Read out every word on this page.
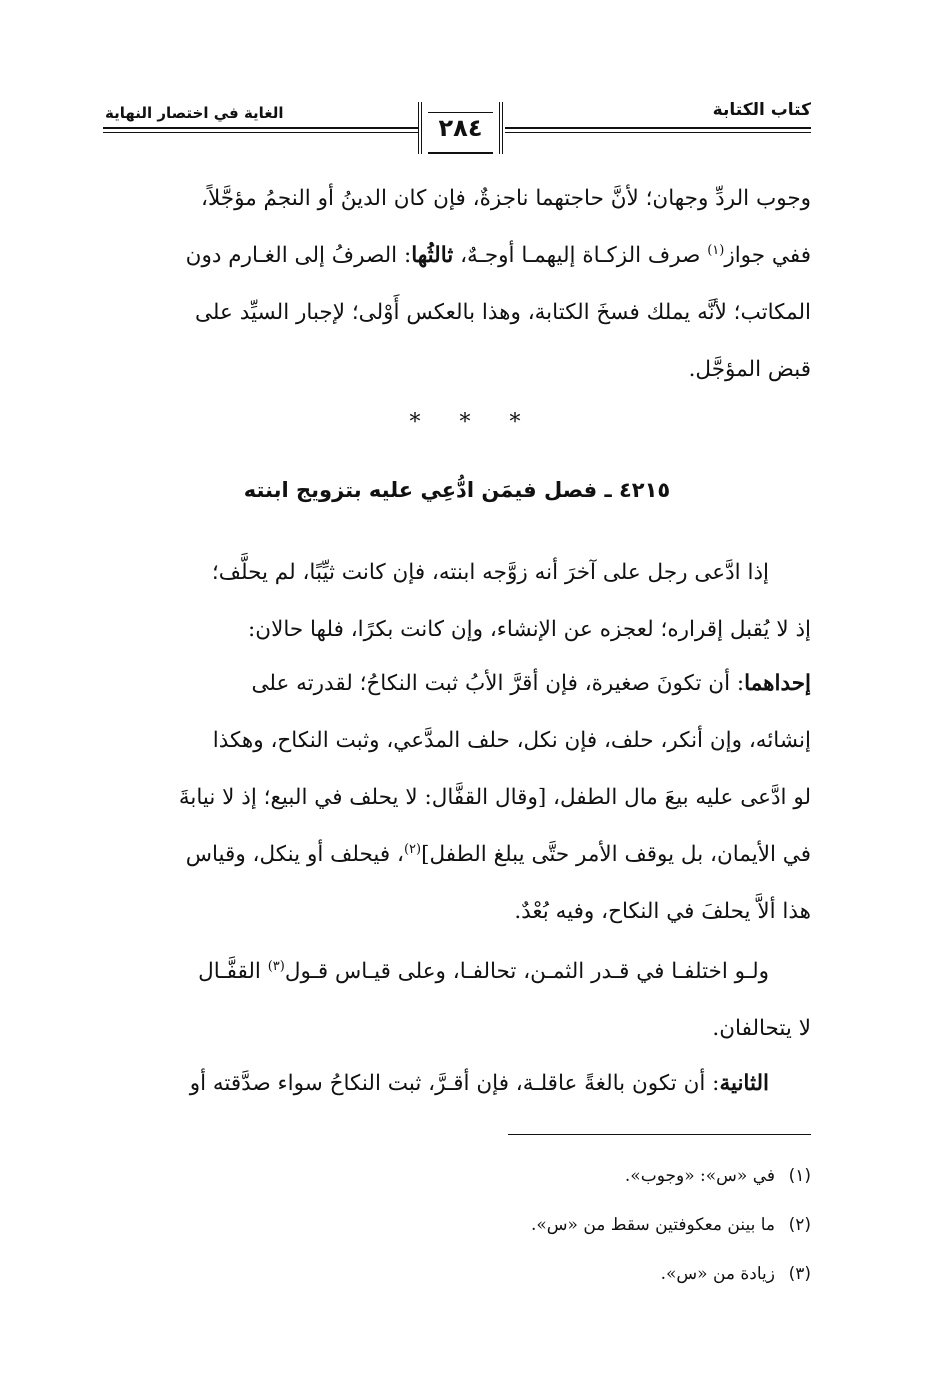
كتاب الكتابة
الغاية في اختصار النهاية
٢٨٤
وجوب الردِّ وجهان؛ لأنَّ حاجتهما ناجزةٌ، فإن كان الدينُ أو النجمُ مؤجَّلاً،
ففي جواز$^{(١)}$ صرف الزكـاة إليهمـا أوجـهٌ، ثالثُها: الصرفُ إلى الغـارم دون
المكاتب؛ لأنَّه يملك فسخَ الكتابة، وهذا بالعكس أَوْلى؛ لإجبار السيِّد على
قبض المؤجَّل.
* * *
٤٢١٥ ـ فصل فيمَن ادُّعِي عليه بتزويج ابنته
إذا ادَّعى رجل على آخرَ أنه زوَّجه ابنته، فإن كانت ثيِّبًا، لم يحلَّف؛
إذ لا يُقبل إقراره؛ لعجزه عن الإنشاء، وإن كانت بكرًا، فلها حالان:
إحداهما: أن تكونَ صغيرة، فإن أقرَّ الأبُ ثبت النكاحُ؛ لقدرته على
إنشائه، وإن أنكر، حلف، فإن نكل، حلف المدَّعي، وثبت النكاح، وهكذا
لو ادَّعى عليه بيعَ مال الطفل، [وقال القفَّال: لا يحلف في البيع؛ إذ لا نيابةَ
في الأيمان، بل يوقف الأمر حتَّى يبلغ الطفل]$^{(٢)}$، فيحلف أو ينكل، وقياس
هذا ألاَّ يحلفَ في النكاح، وفيه بُعْدٌ.
ولـو اختلفـا في قـدر الثمـن، تحالفـا، وعلى قيـاس قـول$^{(٣)}$ القفَّـال
لا يتحالفان.
الثانية: أن تكون بالغةً عاقلـة، فإن أقـرَّ، ثبت النكاحُ سواء صدَّقته أو
(١)في «س»: «وجوب».
(٢)ما بينن معكوفتين سقط من «س».
(٣)زيادة من «س».
